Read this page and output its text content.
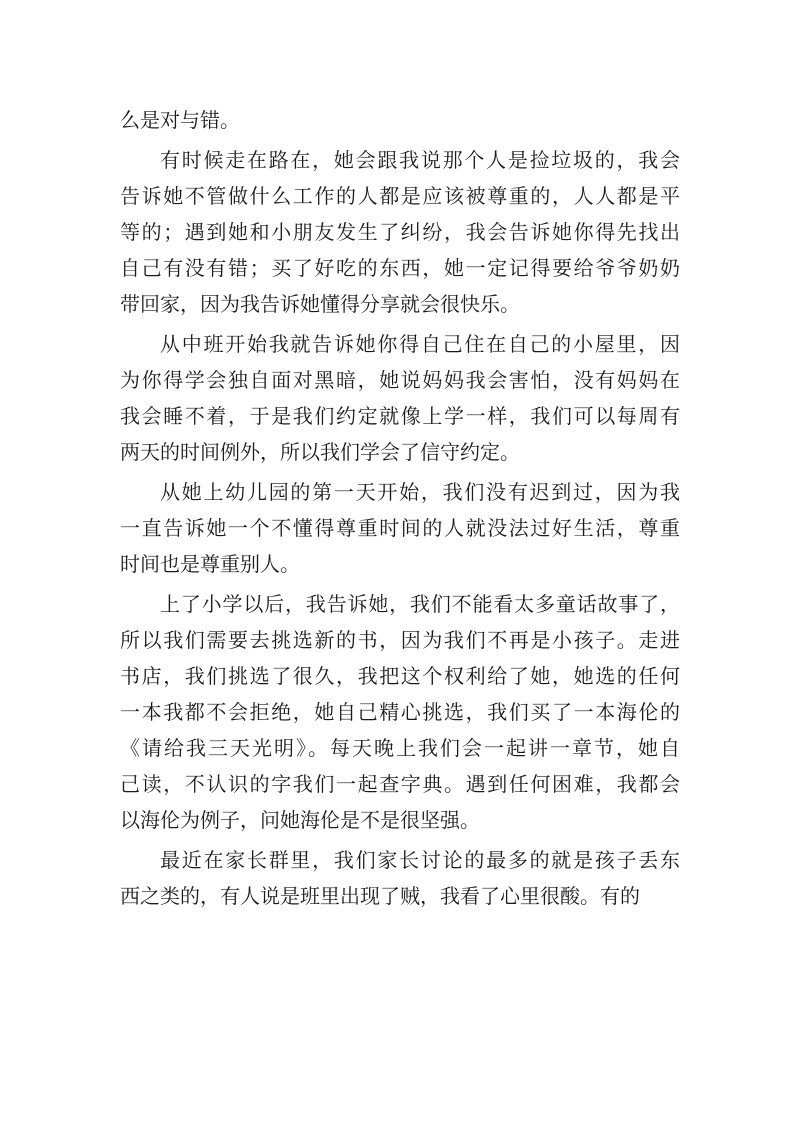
么是对与错。
有时候走在路在，她会跟我说那个人是捡垃圾的，我会
告诉她不管做什么工作的人都是应该被尊重的，人人都是平
等的；遇到她和小朋友发生了纠纷，我会告诉她你得先找出
自己有没有错；买了好吃的东西，她一定记得要给爷爷奶奶
带回家，因为我告诉她懂得分享就会很快乐。
从中班开始我就告诉她你得自己住在自己的小屋里，因
为你得学会独自面对黑暗，她说妈妈我会害怕，没有妈妈在
我会睡不着，于是我们约定就像上学一样，我们可以每周有
两天的时间例外，所以我们学会了信守约定。
从她上幼儿园的第一天开始，我们没有迟到过，因为我
一直告诉她一个不懂得尊重时间的人就没法过好生活，尊重
时间也是尊重别人。
上了小学以后，我告诉她，我们不能看太多童话故事了，
所以我们需要去挑选新的书，因为我们不再是小孩子。走进
书店，我们挑选了很久，我把这个权利给了她，她选的任何
一本我都不会拒绝，她自己精心挑选，我们买了一本海伦的
《请给我三天光明》。每天晚上我们会一起讲一章节，她自
己读，不认识的字我们一起查字典。遇到任何困难，我都会
以海伦为例子，问她海伦是不是很坚强。
最近在家长群里，我们家长讨论的最多的就是孩子丢东
西之类的，有人说是班里出现了贼，我看了心里很酸。有的
